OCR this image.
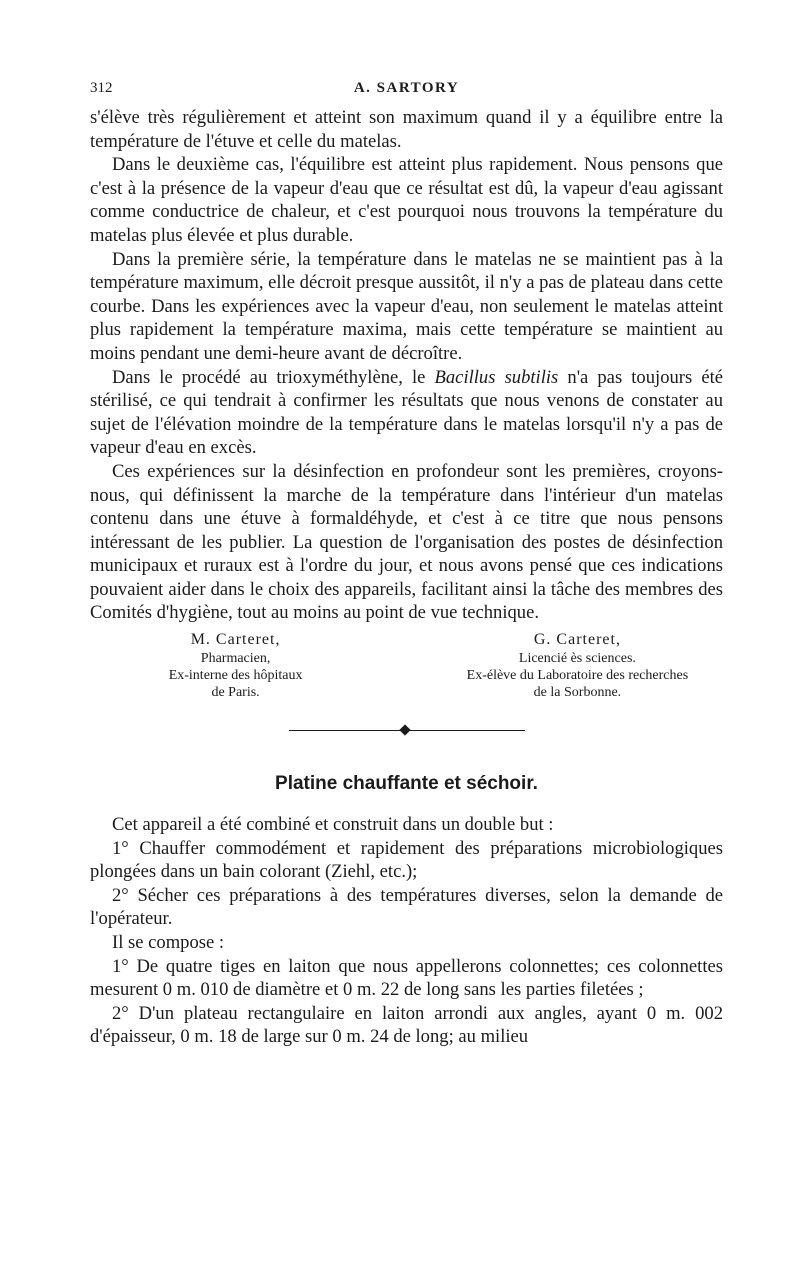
312	A. SARTORY

s'élève très régulièrement et atteint son maximum quand il y a équilibre entre la température de l'étuve et celle du matelas.

Dans le deuxième cas, l'équilibre est atteint plus rapidement. Nous pensons que c'est à la présence de la vapeur d'eau que ce résultat est dû, la vapeur d'eau agissant comme conductrice de chaleur, et c'est pourquoi nous trouvons la température du matelas plus élevée et plus durable.

Dans la première série, la température dans le matelas ne se maintient pas à la température maximum, elle décroit presque aussitôt, il n'y a pas de plateau dans cette courbe. Dans les expériences avec la vapeur d'eau, non seulement le matelas atteint plus rapidement la température maxima, mais cette température se maintient au moins pendant une demi-heure avant de décroître.

Dans le procédé au trioxyméthylène, le Bacillus subtilis n'a pas toujours été stérilisé, ce qui tendrait à confirmer les résultats que nous venons de constater au sujet de l'élévation moindre de la température dans le matelas lorsqu'il n'y a pas de vapeur d'eau en excès.

Ces expériences sur la désinfection en profondeur sont les premières, croyons-nous, qui définissent la marche de la température dans l'intérieur d'un matelas contenu dans une étuve à formaldéhyde, et c'est à ce titre que nous pensons intéressant de les publier. La question de l'organisation des postes de désinfection municipaux et ruraux est à l'ordre du jour, et nous avons pensé que ces indications pouvaient aider dans le choix des appareils, facilitant ainsi la tâche des membres des Comités d'hygiène, tout au moins au point de vue technique.

M. Carteret,
Pharmacien,
Ex-interne des hôpitaux
de Paris.
G. Carteret,
Licencié ès sciences.
Ex-élève du Laboratoire des recherches
de la Sorbonne.
Platine chauffante et séchoir.

Cet appareil a été combiné et construit dans un double but :

1° Chauffer commodément et rapidement des préparations microbiologiques plongées dans un bain colorant (Ziehl, etc.);

2° Sécher ces préparations à des températures diverses, selon la demande de l'opérateur.

Il se compose :

1° De quatre tiges en laiton que nous appellerons colonnettes; ces colonnettes mesurent 0 m. 010 de diamètre et 0 m. 22 de long sans les parties filetées ;

2° D'un plateau rectangulaire en laiton arrondi aux angles, ayant 0 m. 002 d'épaisseur, 0 m. 18 de large sur 0 m. 24 de long; au milieu
